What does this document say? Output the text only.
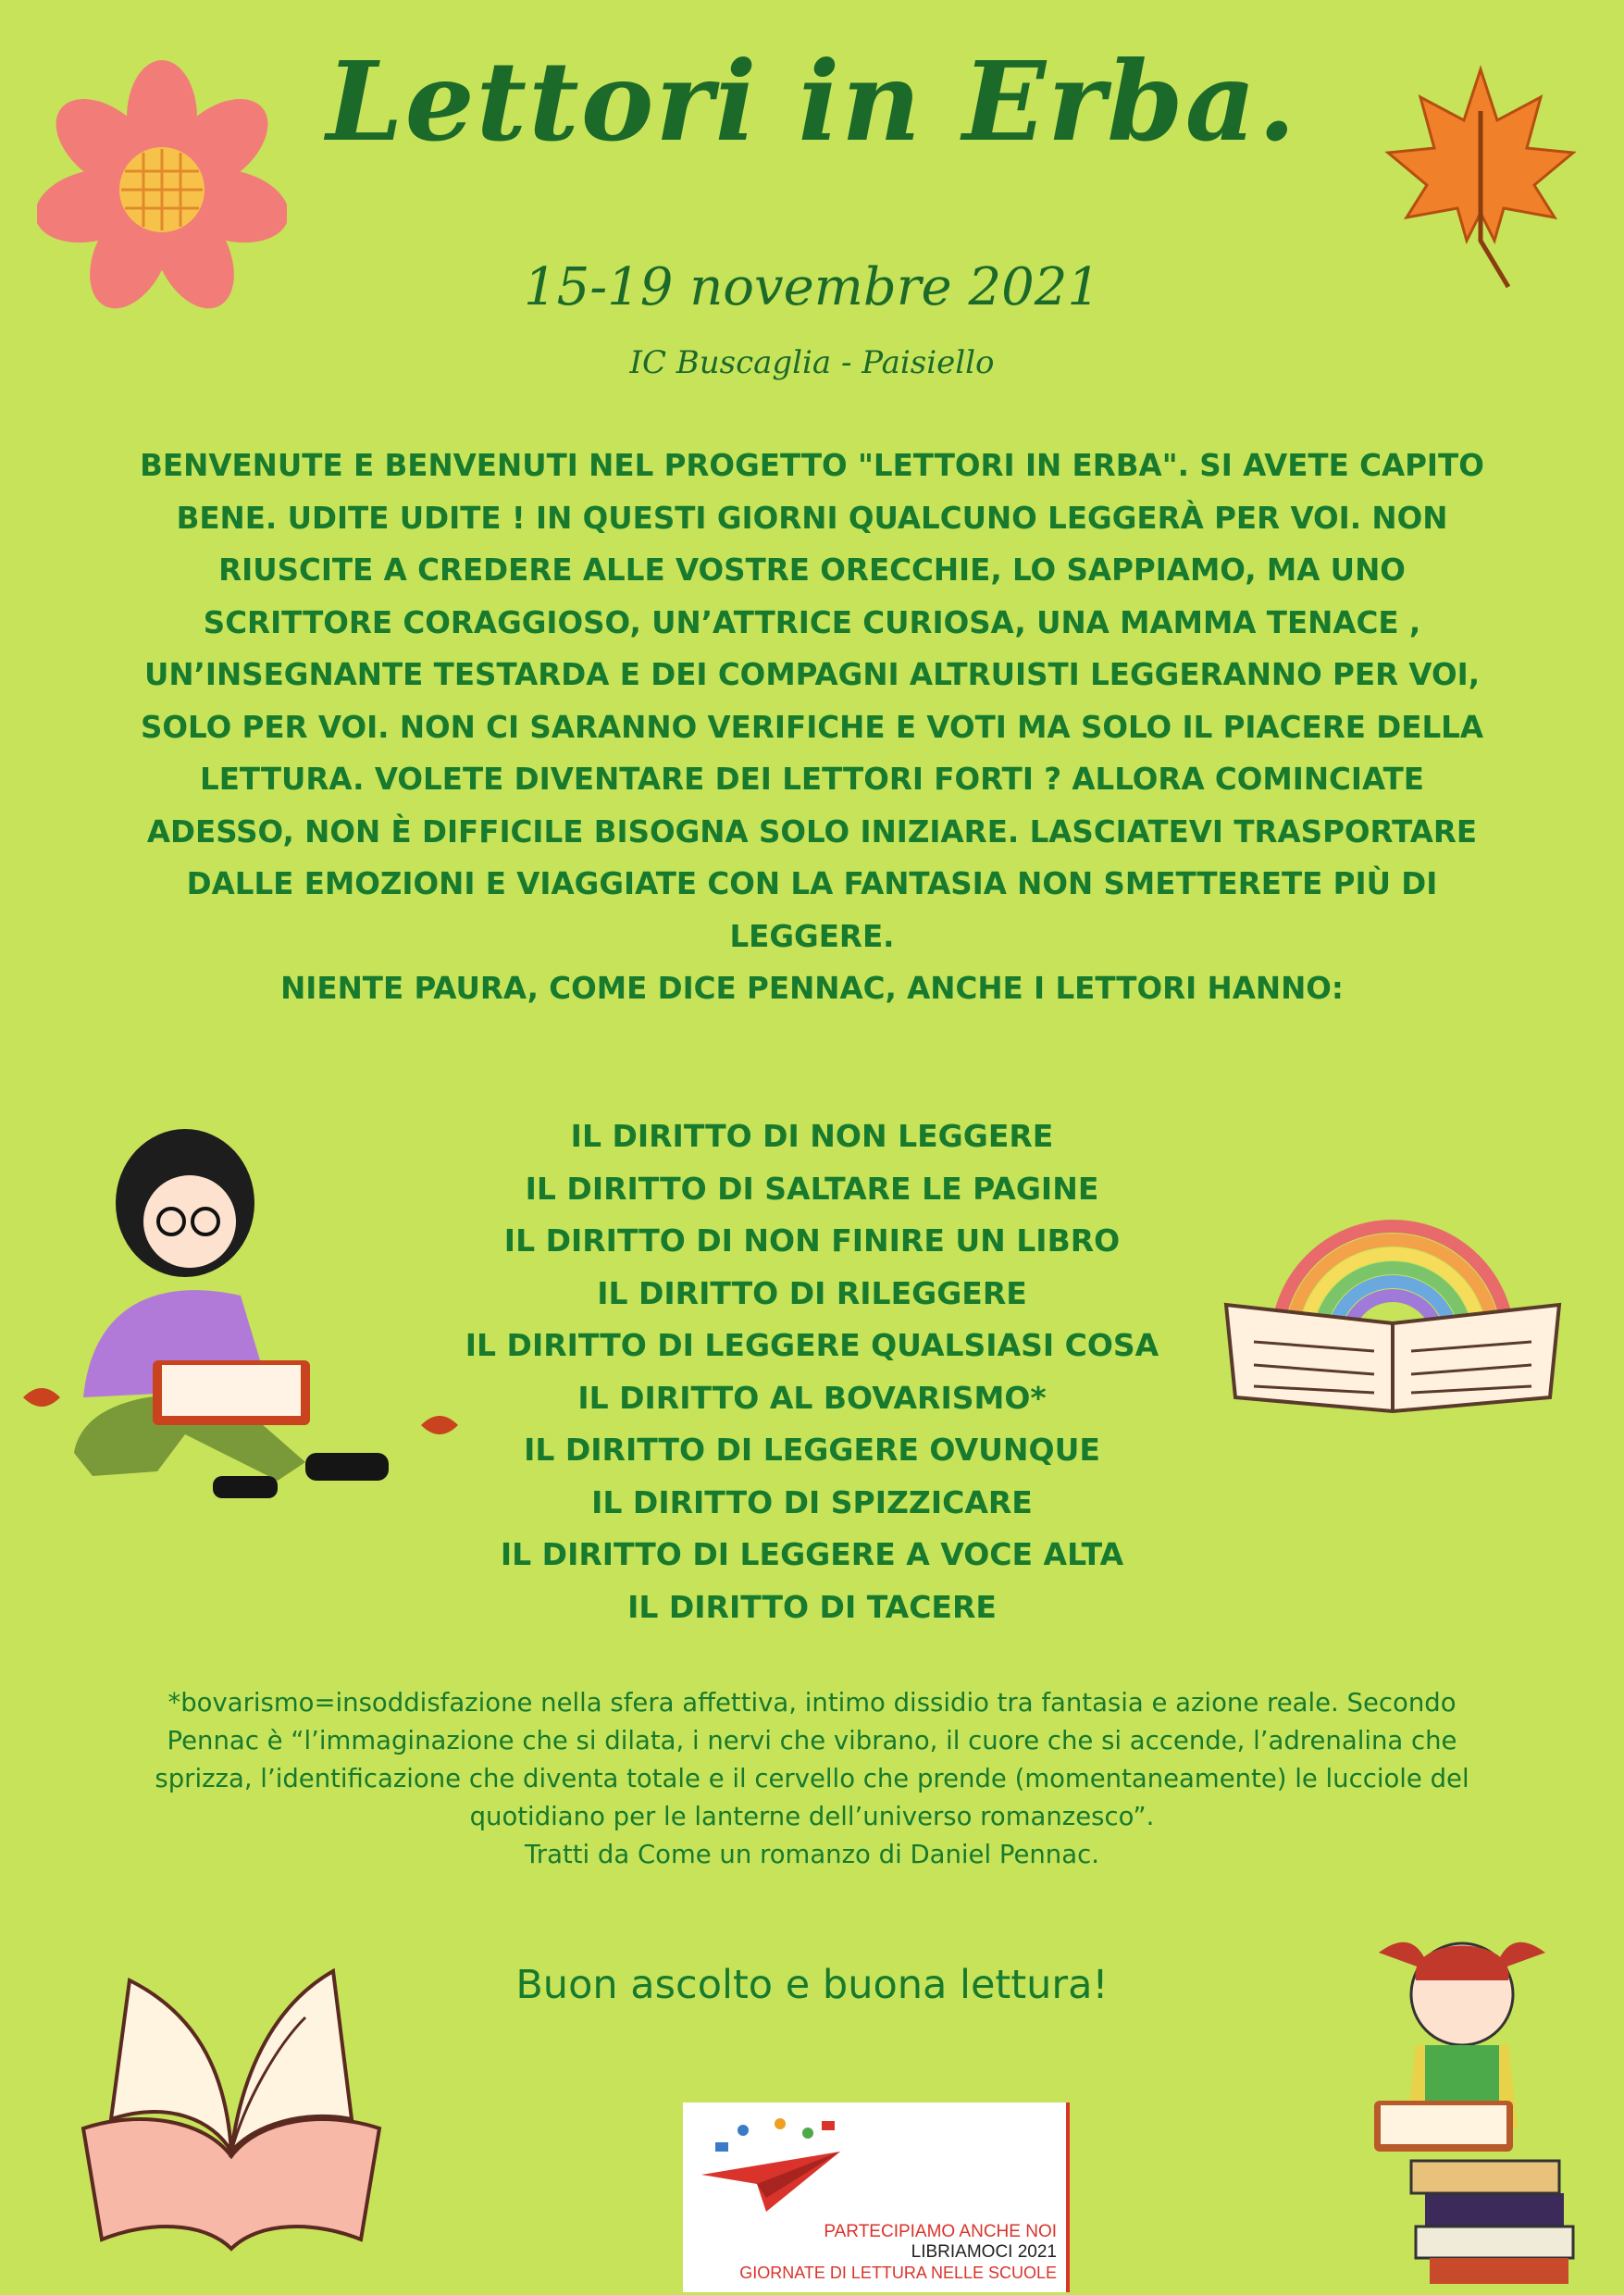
Lettori in Erba.
15-19 novembre 2021
IC Buscaglia - Paisiello

BENVENUTE E BENVENUTI NEL PROGETTO "LETTORI IN ERBA". SI AVETE CAPITO BENE. UDITE UDITE ! IN QUESTI GIORNI QUALCUNO LEGGERÀ PER VOI. NON RIUSCITE A CREDERE ALLE VOSTRE ORECCHIE, LO SAPPIAMO, MA UNO SCRITTORE CORAGGIOSO, UN’ATTRICE CURIOSA, UNA MAMMA TENACE , UN’INSEGNANTE TESTARDA E DEI COMPAGNI ALTRUISTI LEGGERANNO PER VOI, SOLO PER VOI. NON CI SARANNO VERIFICHE E VOTI MA SOLO IL PIACERE DELLA LETTURA. VOLETE DIVENTARE DEI LETTORI FORTI ? ALLORA COMINCIATE ADESSO, NON È DIFFICILE BISOGNA SOLO INIZIARE. LASCIATEVI TRASPORTARE DALLE EMOZIONI E VIAGGIATE CON LA FANTASIA NON SMETTERETE PIÙ DI LEGGERE.

NIENTE PAURA, COME DICE PENNAC, ANCHE I LETTORI HANNO:

IL DIRITTO DI NON LEGGERE
IL DIRITTO DI SALTARE LE PAGINE
IL DIRITTO DI NON FINIRE UN LIBRO
IL DIRITTO DI RILEGGERE
IL DIRITTO DI LEGGERE QUALSIASI COSA
IL DIRITTO AL BOVARISMO*
IL DIRITTO DI LEGGERE OVUNQUE
IL DIRITTO DI SPIZZICARE
IL DIRITTO DI LEGGERE A VOCE ALTA
IL DIRITTO DI TACERE

*bovarismo=insoddisfazione nella sfera affettiva, intimo dissidio tra fantasia e azione reale. Secondo Pennac è “l’immaginazione che si dilata, i nervi che vibrano, il cuore che si accende, l’adrenalina che sprizza, l’identificazione che diventa totale e il cervello che prende (momentaneamente) le lucciole del quotidiano per le lanterne dell’universo romanzesco”.

Tratti da Come un romanzo di Daniel Pennac.

Buon ascolto e buona lettura!
PARTECIPIAMO ANCHE NOI
LIBRIAMOCI 2021
GIORNATE DI LETTURA NELLE SCUOLE
